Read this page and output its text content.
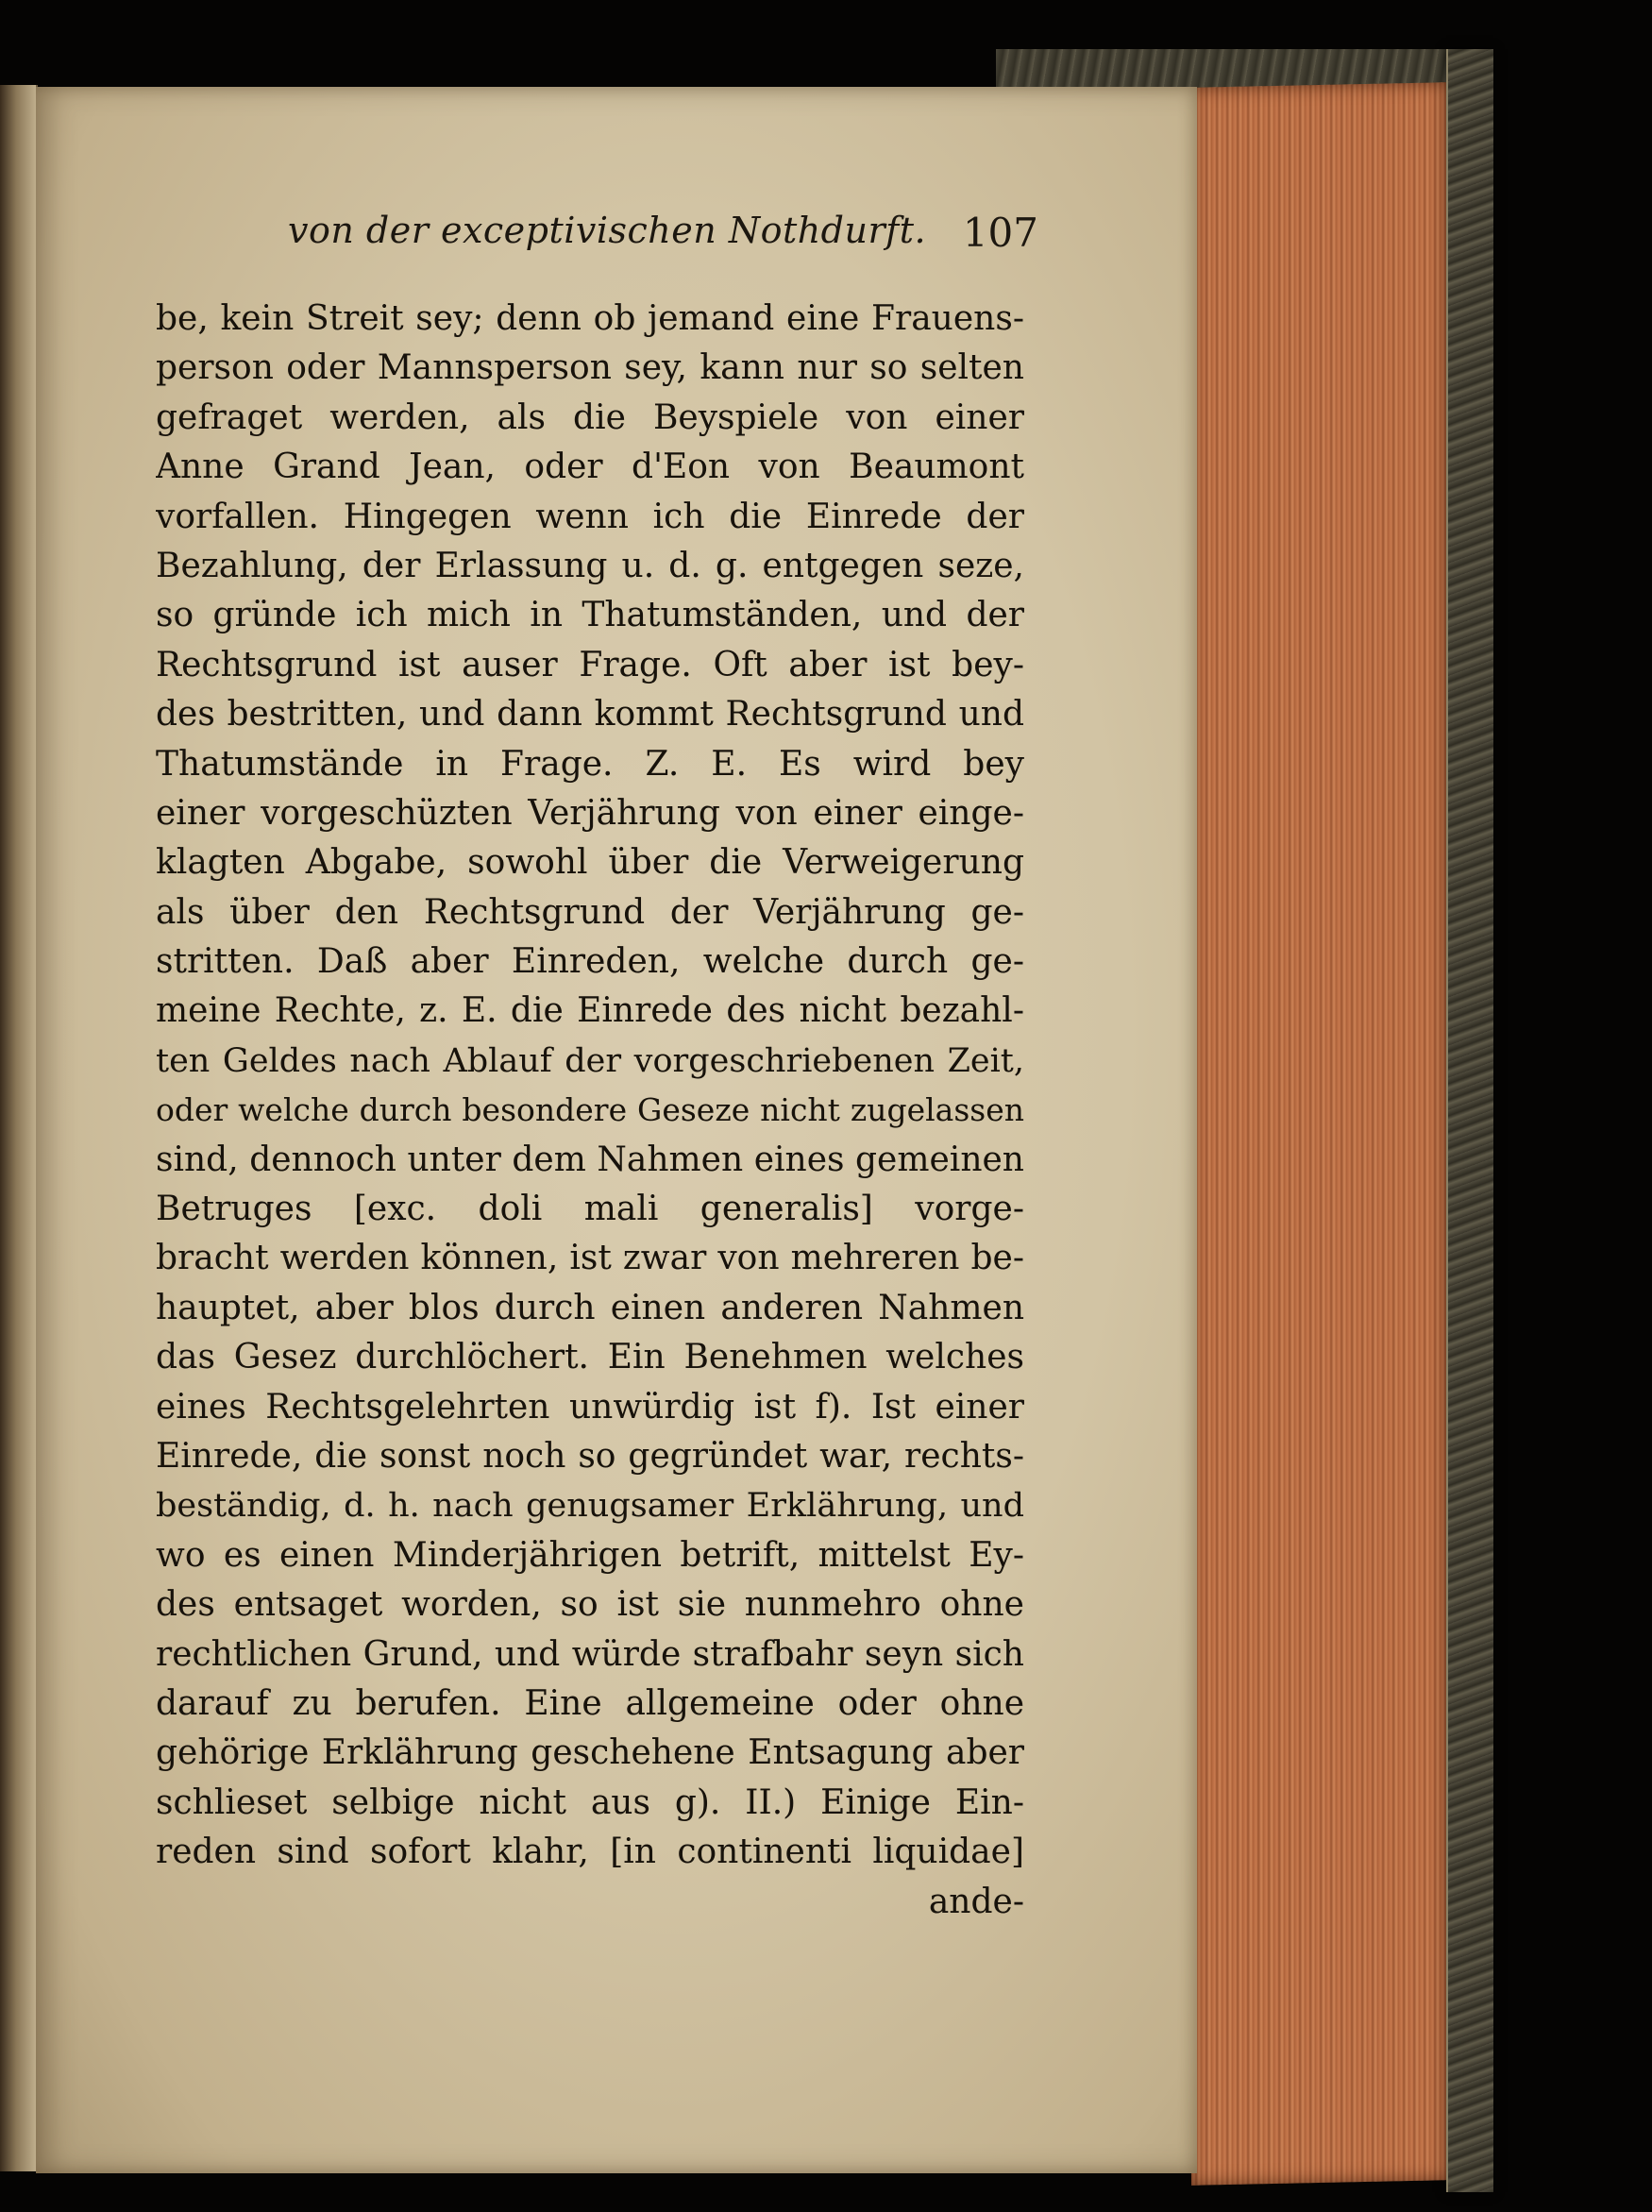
von der exceptivischen Nothdurft. 107
be, kein Streit sey; denn ob jemand eine Frauens-
person oder Mannsperson sey, kann nur so selten
gefraget werden, als die Beyspiele von einer
Anne Grand Jean, oder d'Eon von Beaumont
vorfallen. Hingegen wenn ich die Einrede der
Bezahlung, der Erlassung u. d. g. entgegen seze,
so gründe ich mich in Thatumständen, und der
Rechtsgrund ist auser Frage. Oft aber ist bey-
des bestritten, und dann kommt Rechtsgrund und
Thatumstände in Frage. Z. E. Es wird bey
einer vorgeschüzten Verjährung von einer einge-
klagten Abgabe, sowohl über die Verweigerung
als über den Rechtsgrund der Verjährung ge-
stritten. Daß aber Einreden, welche durch ge-
meine Rechte, z. E. die Einrede des nicht bezahl-
ten Geldes nach Ablauf der vorgeschriebenen Zeit,
oder welche durch besondere Geseze nicht zugelassen
sind, dennoch unter dem Nahmen eines gemeinen
Betruges [exc. doli mali generalis] vorge-
bracht werden können, ist zwar von mehreren be-
hauptet, aber blos durch einen anderen Nahmen
das Gesez durchlöchert. Ein Benehmen welches
eines Rechtsgelehrten unwürdig ist f). Ist einer
Einrede, die sonst noch so gegründet war, rechts-
beständig, d. h. nach genugsamer Erklährung, und
wo es einen Minderjährigen betrift, mittelst Ey-
des entsaget worden, so ist sie nunmehro ohne
rechtlichen Grund, und würde strafbahr seyn sich
darauf zu berufen. Eine allgemeine oder ohne
gehörige Erklährung geschehene Entsagung aber
schlieset selbige nicht aus g). II.) Einige Ein-
reden sind sofort klahr, [in continenti liquidae]
ande-
